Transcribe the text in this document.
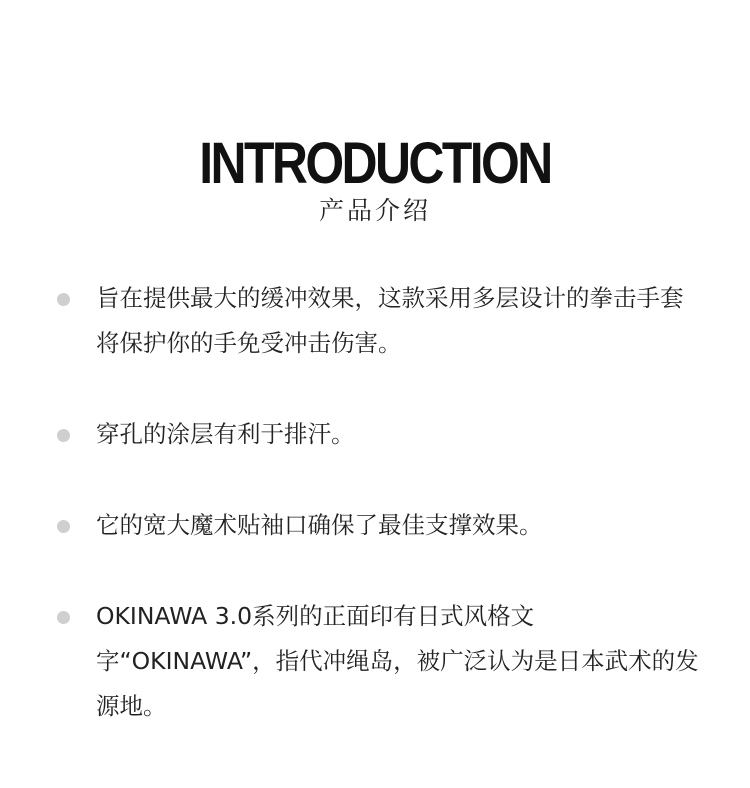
INTRODUCTION
产品介绍
旨在提供最大的缓冲效果，这款采用多层设计的拳击手套将保护你的手免受冲击伤害。
穿孔的涂层有利于排汗。
它的宽大魔术贴袖口确保了最佳支撑效果。
OKINAWA 3.0系列的正面印有日式风格文字“OKINAWA”，指代冲绳岛，被广泛认为是日本武术的发源地。
